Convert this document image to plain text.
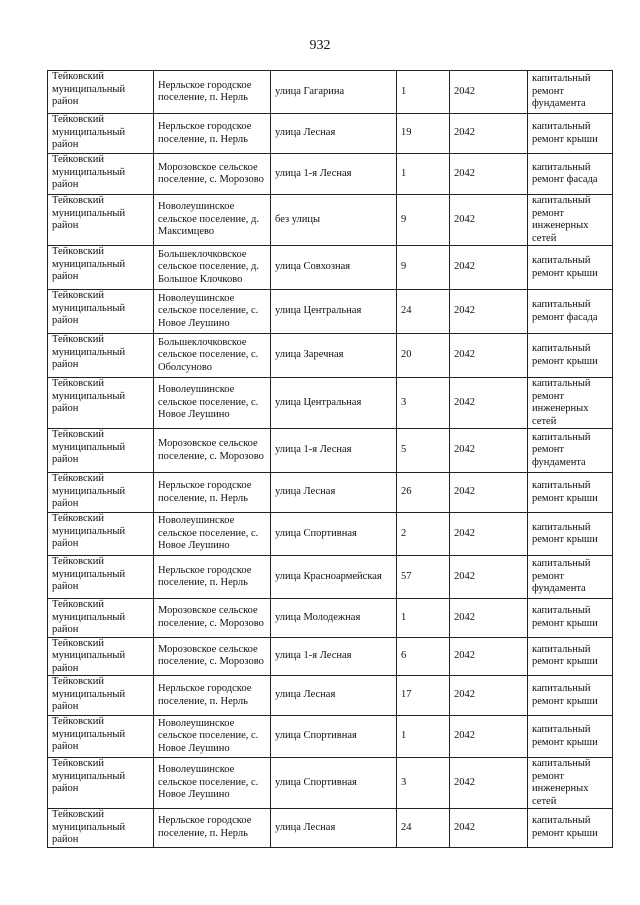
932
Тейковский муниципальный район	Нерльское городское поселение, п. Нерль	улица Гагарина	1	2042	капитальный ремонт фундамента
Тейковский муниципальный район	Нерльское городское поселение, п. Нерль	улица Лесная	19	2042	капитальный ремонт крыши
Тейковский муниципальный район	Морозовское сельское поселение, с. Морозово	улица 1-я Лесная	1	2042	капитальный ремонт фасада
Тейковский муниципальный район	Новолеушинское сельское поселение, д. Максимцево	без улицы	9	2042	капитальный ремонт инженерных сетей
Тейковский муниципальный район	Большеклочковское сельское поселение, д. Большое Клочково	улица Совхозная	9	2042	капитальный ремонт крыши
Тейковский муниципальный район	Новолеушинское сельское поселение, с. Новое Леушино	улица Центральная	24	2042	капитальный ремонт фасада
Тейковский муниципальный район	Большеклочковское сельское поселение, с. Оболсуново	улица Заречная	20	2042	капитальный ремонт крыши
Тейковский муниципальный район	Новолеушинское сельское поселение, с. Новое Леушино	улица Центральная	3	2042	капитальный ремонт инженерных сетей
Тейковский муниципальный район	Морозовское сельское поселение, с. Морозово	улица 1-я Лесная	5	2042	капитальный ремонт фундамента
Тейковский муниципальный район	Нерльское городское поселение, п. Нерль	улица Лесная	26	2042	капитальный ремонт крыши
Тейковский муниципальный район	Новолеушинское сельское поселение, с. Новое Леушино	улица Спортивная	2	2042	капитальный ремонт крыши
Тейковский муниципальный район	Нерльское городское поселение, п. Нерль	улица Красноармейская	57	2042	капитальный ремонт фундамента
Тейковский муниципальный район	Морозовское сельское поселение, с. Морозово	улица Молодежная	1	2042	капитальный ремонт крыши
Тейковский муниципальный район	Морозовское сельское поселение, с. Морозово	улица 1-я Лесная	6	2042	капитальный ремонт крыши
Тейковский муниципальный район	Нерльское городское поселение, п. Нерль	улица Лесная	17	2042	капитальный ремонт крыши
Тейковский муниципальный район	Новолеушинское сельское поселение, с. Новое Леушино	улица Спортивная	1	2042	капитальный ремонт крыши
Тейковский муниципальный район	Новолеушинское сельское поселение, с. Новое Леушино	улица Спортивная	3	2042	капитальный ремонт инженерных сетей
Тейковский муниципальный район	Нерльское городское поселение, п. Нерль	улица Лесная	24	2042	капитальный ремонт крыши
